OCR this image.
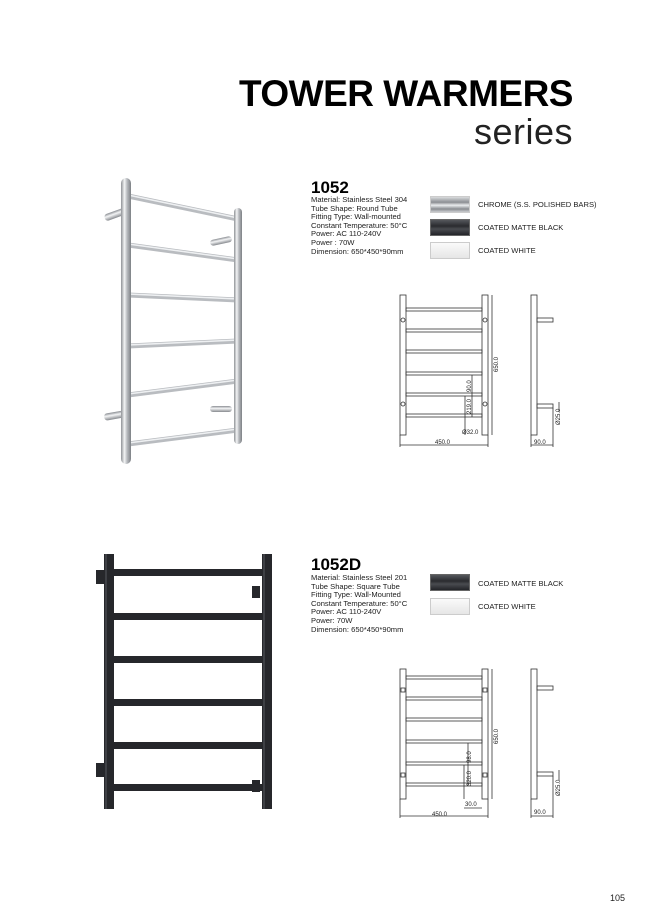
TOWER WARMERS
series
1052
Material: Stainless Steel 304
Tube Shape: Round Tube
Fitting Type: Wall-mounted
Constant Temperature: 50°C
Power: AC 110-240V
Power : 70W
Dimension: 650*450*90mm
CHROME (S.S. POLISHED BARS)
COATED MATTE BLACK
COATED WHITE
450.0
Ø32.0
650.0
90.0
219.0
90.0
Ø25.0
1052D
Material: Stainless Steel 201
Tube Shape: Square Tube
Fitting Type: Wall-Mounted
Constant Temperature: 50°C
Power: AC 110-240V
Power: 70W
Dimension: 650*450*90mm
COATED MATTE BLACK
COATED WHITE
450.0
30.0
650.0
98.0
320.0
90.0
Ø25.0
105
